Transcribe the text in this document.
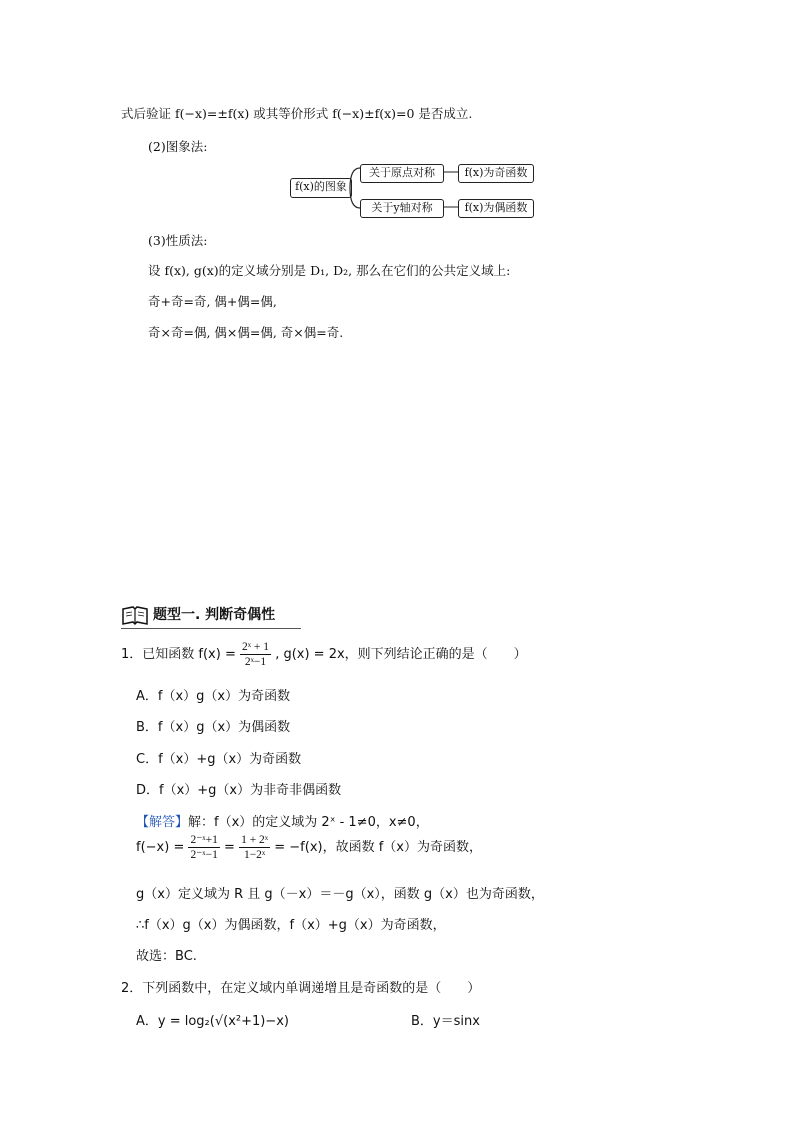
式后验证 f(−x)=±f(x) 或其等价形式 f(−x)±f(x)=0 是否成立.
(2)图象法:
f(x)的图象
关于原点对称
关于y轴对称
f(x)为奇函数
f(x)为偶函数
(3)性质法:
设 f(x), g(x)的定义域分别是 D₁, D₂, 那么在它们的公共定义域上:
奇+奇=奇, 偶+偶=偶,
奇×奇=偶, 偶×偶=偶, 奇×偶=奇.
题型一. 判断奇偶性
1．已知函数 $f(x) = \frac{\text{2ˣ + 1}}{\text{2ˣ−1}}$ , g(x) = 2x，则下列结论正确的是（　　）
A．f（x）g（x）为奇函数
B．f（x）g（x）为偶函数
C．f（x）+g（x）为奇函数
D．f（x）+g（x）为非奇非偶函数
【解答】解：f（x）的定义域为 2ˣ - 1≠0，x≠0，
$f(-x) = \frac{\text{2⁻ˣ+1}}{\text{2⁻ˣ−1}} = \frac{\text{1 + 2ˣ}}{\text{1−2ˣ}} = -f(x)$，故函数 f（x）为奇函数，
g（x）定义域为 R 且 g（－x）＝－g（x），函数 g（x）也为奇函数，
∴f（x）g（x）为偶函数，f（x）+g（x）为奇函数，
故选：BC.
2．下列函数中，在定义域内单调递增且是奇函数的是（　　）
A．y = log₂(√(x²+1)−x)	B．y＝sinx
